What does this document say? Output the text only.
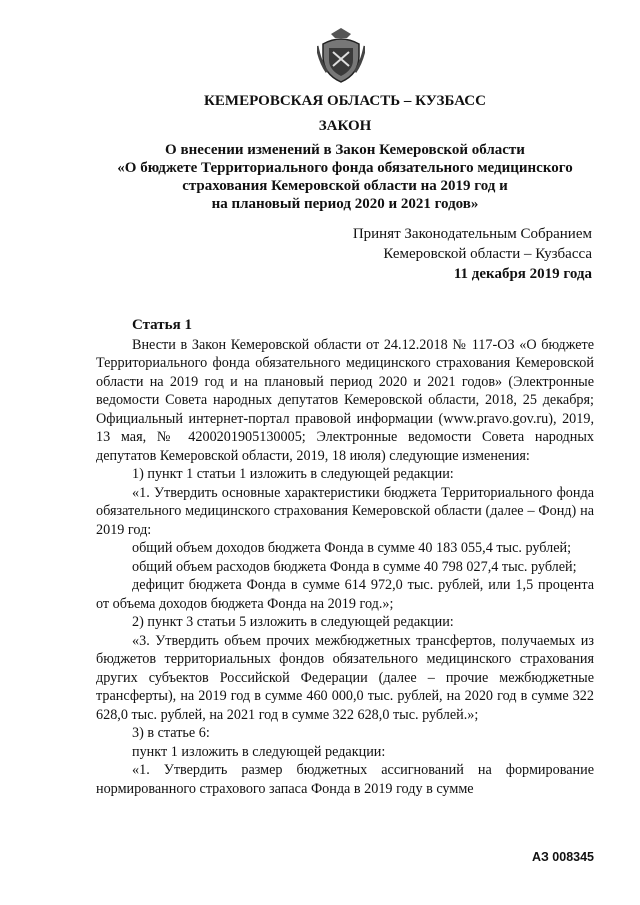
КЕМЕРОВСКАЯ ОБЛАСТЬ – КУЗБАСС
ЗАКОН
О внесении изменений в Закон Кемеровской области
«О бюджете Территориального фонда обязательного медицинского
страхования Кемеровской области на 2019 год и
на плановый период 2020 и 2021 годов»
Принят Законодательным Собранием
Кемеровской области – Кузбасса
11 декабря 2019 года

Статья 1

Внести в Закон Кемеровской области от 24.12.2018 № 117-ОЗ «О бюджете Территориального фонда обязательного медицинского страхования Кемеровской области на 2019 год и на плановый период 2020 и 2021 годов» (Электронные ведомости Совета народных депутатов Кемеровской области, 2018, 25 декабря; Официальный интернет-портал правовой информации (www.pravo.gov.ru), 2019, 13 мая, № 4200201905130005; Электронные ведомости Совета народных депутатов Кемеровской области, 2019, 18 июля) следующие изменения:

1) пункт 1 статьи 1 изложить в следующей редакции:

«1. Утвердить основные характеристики бюджета Территориального фонда обязательного медицинского страхования Кемеровской области (далее – Фонд) на 2019 год:

общий объем доходов бюджета Фонда в сумме 40 183 055,4 тыс. рублей;

общий объем расходов бюджета Фонда в сумме 40 798 027,4 тыс. рублей;

дефицит бюджета Фонда в сумме 614 972,0 тыс. рублей, или 1,5 процента от объема доходов бюджета Фонда на 2019 год.»;

2) пункт 3 статьи 5 изложить в следующей редакции:

«3. Утвердить объем прочих межбюджетных трансфертов, получаемых из бюджетов территориальных фондов обязательного медицинского страхования других субъектов Российской Федерации (далее – прочие межбюджетные трансферты), на 2019 год в сумме 460 000,0 тыс. рублей, на 2020 год в сумме 322 628,0 тыс. рублей, на 2021 год в сумме 322 628,0 тыс. рублей.»;

3) в статье 6:

пункт 1 изложить в следующей редакции:

«1. Утвердить размер бюджетных ассигнований на формирование нормированного страхового запаса Фонда в 2019 году в сумме

АЗ 008345
